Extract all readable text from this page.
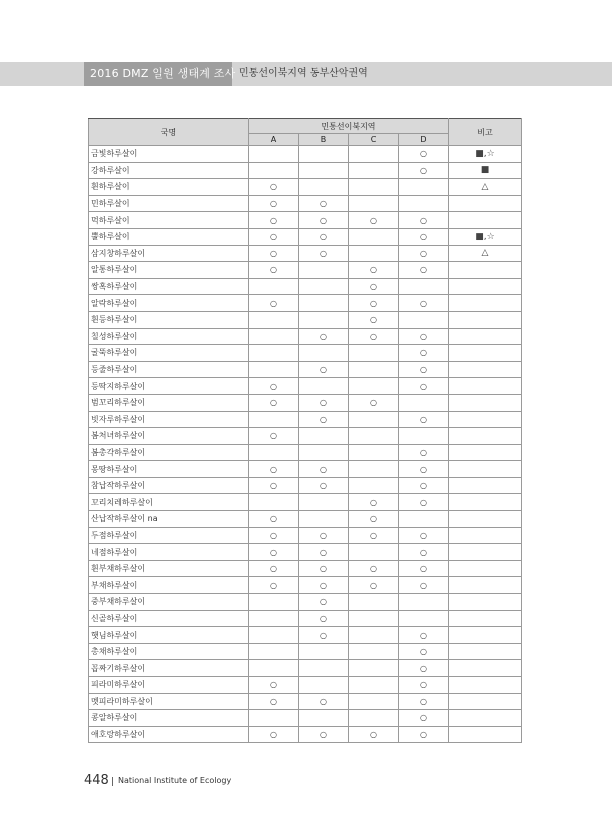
2016 DMZ 일원 생태계 조사 민통선이북지역 동부산악권역
국명	민통선이북지역				비고
	A	B	C	D	
금빛하루살이				○	■,☆
강하루살이				○	■
흰하루살이	○				△
민하루살이	○	○			
먹하루살이	○	○	○	○	
뿔하루살이	○	○		○	■,☆
삼지창하루살이	○	○		○	△
알통하루살이	○		○	○	
쌍혹하루살이			○		
알락하루살이	○		○	○	
흰등하루살이			○		
칠성하루살이		○	○	○	
굴뚝하루살이				○	
등줄하루살이		○		○	
등딱지하루살이	○			○	
범꼬리하루살이	○	○	○		
빗자루하루살이		○		○	
봄처녀하루살이	○				
봄총각하루살이				○	
몽땅하루살이	○	○		○	
참납작하루살이	○	○		○	
꼬리치레하루살이			○	○	
산납작하루살이 na	○		○		
두점하루살이	○	○	○	○	
네점하루살이	○	○		○	
흰부채하루살이	○	○	○	○	
부채하루살이	○	○	○	○	
중부채하루살이		○			
신골하루살이		○			
햇님하루살이		○		○	
총채하루살이				○	
꼽짜기하루살이				○	
피라미하루살이	○			○	
멧피라미하루살이	○	○		○	
콩알하루살이				○	
애호랑하루살이	○	○	○	○	
448 National Institute of Ecology
